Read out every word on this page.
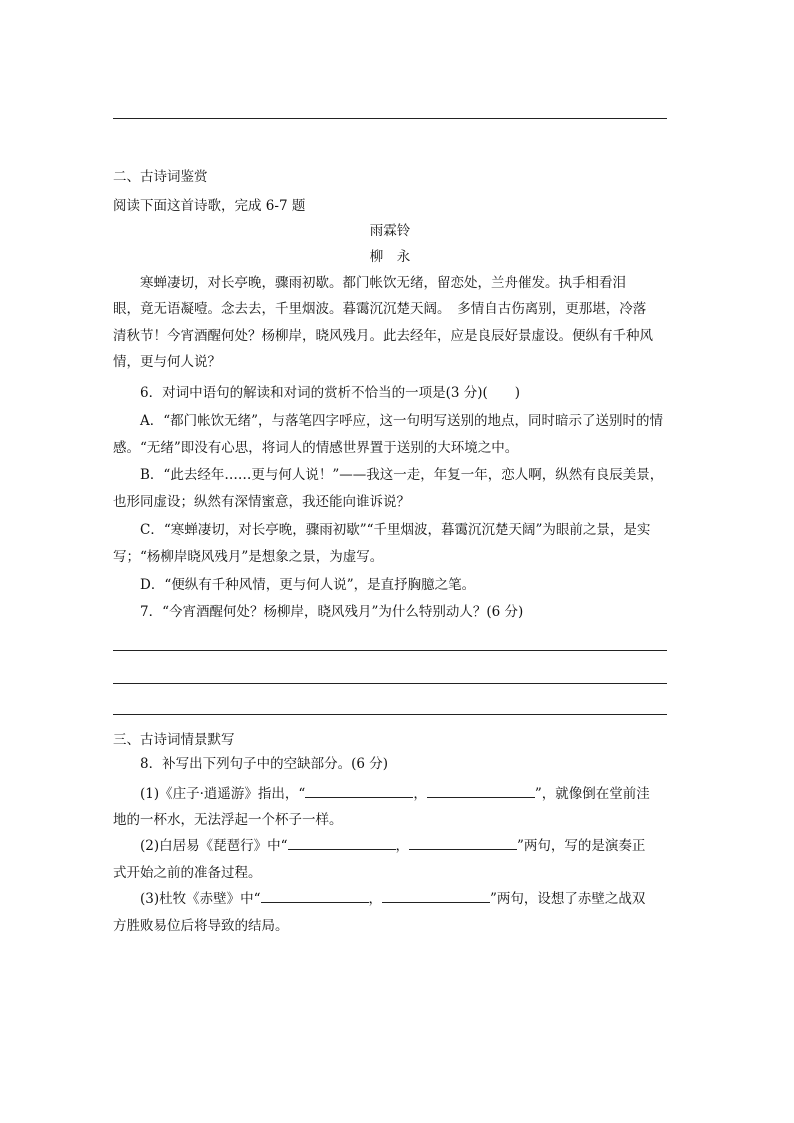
二、古诗词鉴赏
阅读下面这首诗歌，完成 6-7 题
雨霖铃
柳　永
寒蝉凄切，对长亭晚，骤雨初歇。都门帐饮无绪，留恋处，兰舟催发。执手相看泪
眼，竟无语凝噎。念去去，千里烟波。暮霭沉沉楚天阔。　多情自古伤离别，更那堪，冷落
清秋节！今宵酒醒何处？杨柳岸，晓风残月。此去经年，应是良辰好景虚设。便纵有千种风
情，更与何人说？
6．对词中语句的解读和对词的赏析不恰当的一项是(3 分)(　　)
A．“都门帐饮无绪”，与落笔四字呼应，这一句明写送别的地点，同时暗示了送别时的情
感。“无绪”即没有心思，将词人的情感世界置于送别的大环境之中。
B．“此去经年……更与何人说！”——我这一走，年复一年，恋人啊，纵然有良辰美景，
也形同虚设；纵然有深情蜜意，我还能向谁诉说？
C．“寒蝉凄切，对长亭晚，骤雨初歇”“千里烟波，暮霭沉沉楚天阔”为眼前之景，是实
写；“杨柳岸晓风残月”是想象之景，为虚写。
D．“便纵有千种风情，更与何人说”，是直抒胸臆之笔。
7．“今宵酒醒何处？杨柳岸，晓风残月”为什么特别动人？(6 分)
三、古诗词情景默写
8．补写出下列句子中的空缺部分。(6 分)
(1)《庄子·逍遥游》指出，“	，	”，就像倒在堂前洼
地的一杯水，无法浮起一个杯子一样。
(2)白居易《琵琶行》中“	，	”两句，写的是演奏正
式开始之前的准备过程。
(3)杜牧《赤壁》中“	，	”两句，设想了赤壁之战双
方胜败易位后将导致的结局。
